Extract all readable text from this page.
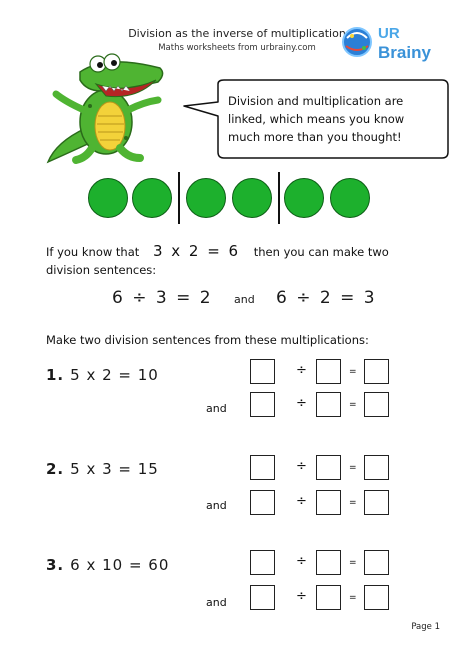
Division as the inverse of multiplication
Maths worksheets from urbrainy.com
UR
Brainy
Division and multiplication are linked, which means you know much more than you thought!
If you know that 3 x 2 = 6 then you can make two division sentences:
6 ÷ 3 = 2 and 6 ÷ 2 = 3
Make two division sentences from these multiplications:
1. 5 x 2 = 10	÷	=
and	÷	=
2. 5 x 3 = 15	÷	=
and	÷	=
3. 6 x 10 = 60	÷	=
and	÷	=
Page 1
